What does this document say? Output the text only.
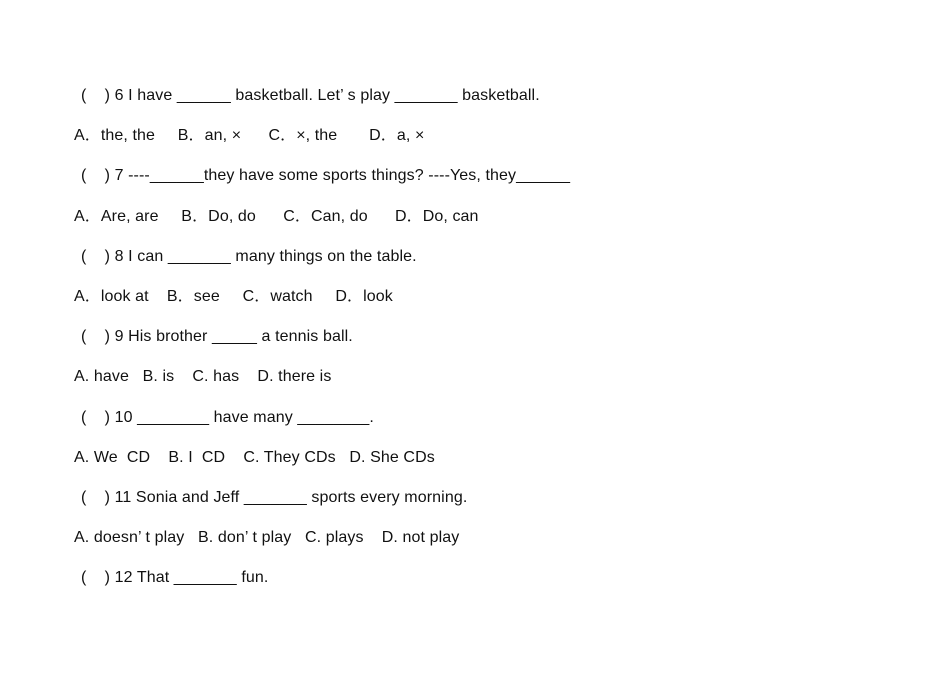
(    ) 6 I have ______ basketball. Let’ s play _______ basketball.
A．the, the     B．an, ×      C．×, the       D．a, ×
(    ) 7 ----______they have some sports things? ----Yes, they______
A．Are, are     B．Do, do      C．Can, do      D．Do, can
(    ) 8 I can _______ many things on the table.
A．look at    B．see     C．watch     D．look
(    ) 9 His brother _____ a tennis ball.
A. have   B. is    C. has    D. there is
(    ) 10 ________ have many ________.
A. We  CD    B. I  CD    C. They CDs   D. She CDs
(    ) 11 Sonia and Jeff _______ sports every morning.
A. doesn’ t play   B. don’ t play   C. plays    D. not play
(    ) 12 That _______ fun.
